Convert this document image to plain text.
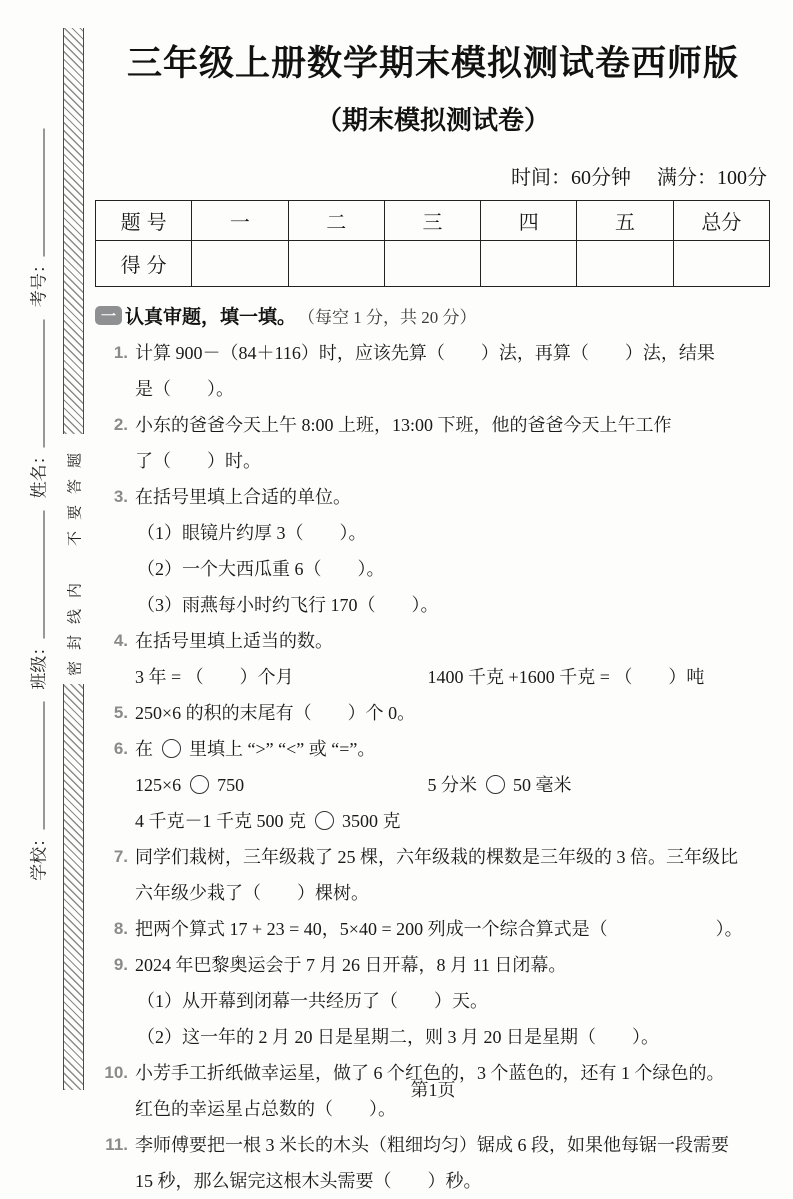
学校： 班级： 姓名： 考号：
密封线内　不要答题
三年级上册数学期末模拟测试卷西师版
（期末模拟测试卷）
时间：60分钟 满分：100分
题号	一	二	三	四	五	总分
得分						
一 认真审题，填一填。 （每空 1 分，共 20 分）
1. 计算 900－（84＋116）时，应该先算（　　）法，再算（　　）法，结果
是（　　）。
2. 小东的爸爸今天上午 8:00 上班，13:00 下班，他的爸爸今天上午工作
了（　　）时。
3. 在括号里填上合适的单位。
（1）眼镜片约厚 3（　　）。
（2）一个大西瓜重 6（　　）。
（3）雨燕每小时约飞行 170（　　）。
4. 在括号里填上适当的数。
3 年 = （　　）个月	1400 千克 +1600 千克 = （　　）吨
5. 250×6 的积的末尾有（　　）个 0。
6. 在  里填上 “>” “<” 或 “=”。
125×6  750	5 分米  50 毫米
4 千克－1 千克 500 克  3500 克
7. 同学们栽树，三年级栽了 25 棵，六年级栽的棵数是三年级的 3 倍。三年级比
六年级少栽了（　　）棵树。
8. 把两个算式 17 + 23 = 40，5×40 = 200 列成一个综合算式是（　　　　　　）。
9. 2024 年巴黎奥运会于 7 月 26 日开幕，8 月 11 日闭幕。
（1）从开幕到闭幕一共经历了（　　）天。
（2）这一年的 2 月 20 日是星期二，则 3 月 20 日是星期（　　）。
10. 小芳手工折纸做幸运星，做了 6 个红色的，3 个蓝色的，还有 1 个绿色的。
红色的幸运星占总数的（　　）。
11. 李师傅要把一根 3 米长的木头（粗细均匀）锯成 6 段，如果他每锯一段需要
15 秒，那么锯完这根木头需要（　　）秒。
第1页
